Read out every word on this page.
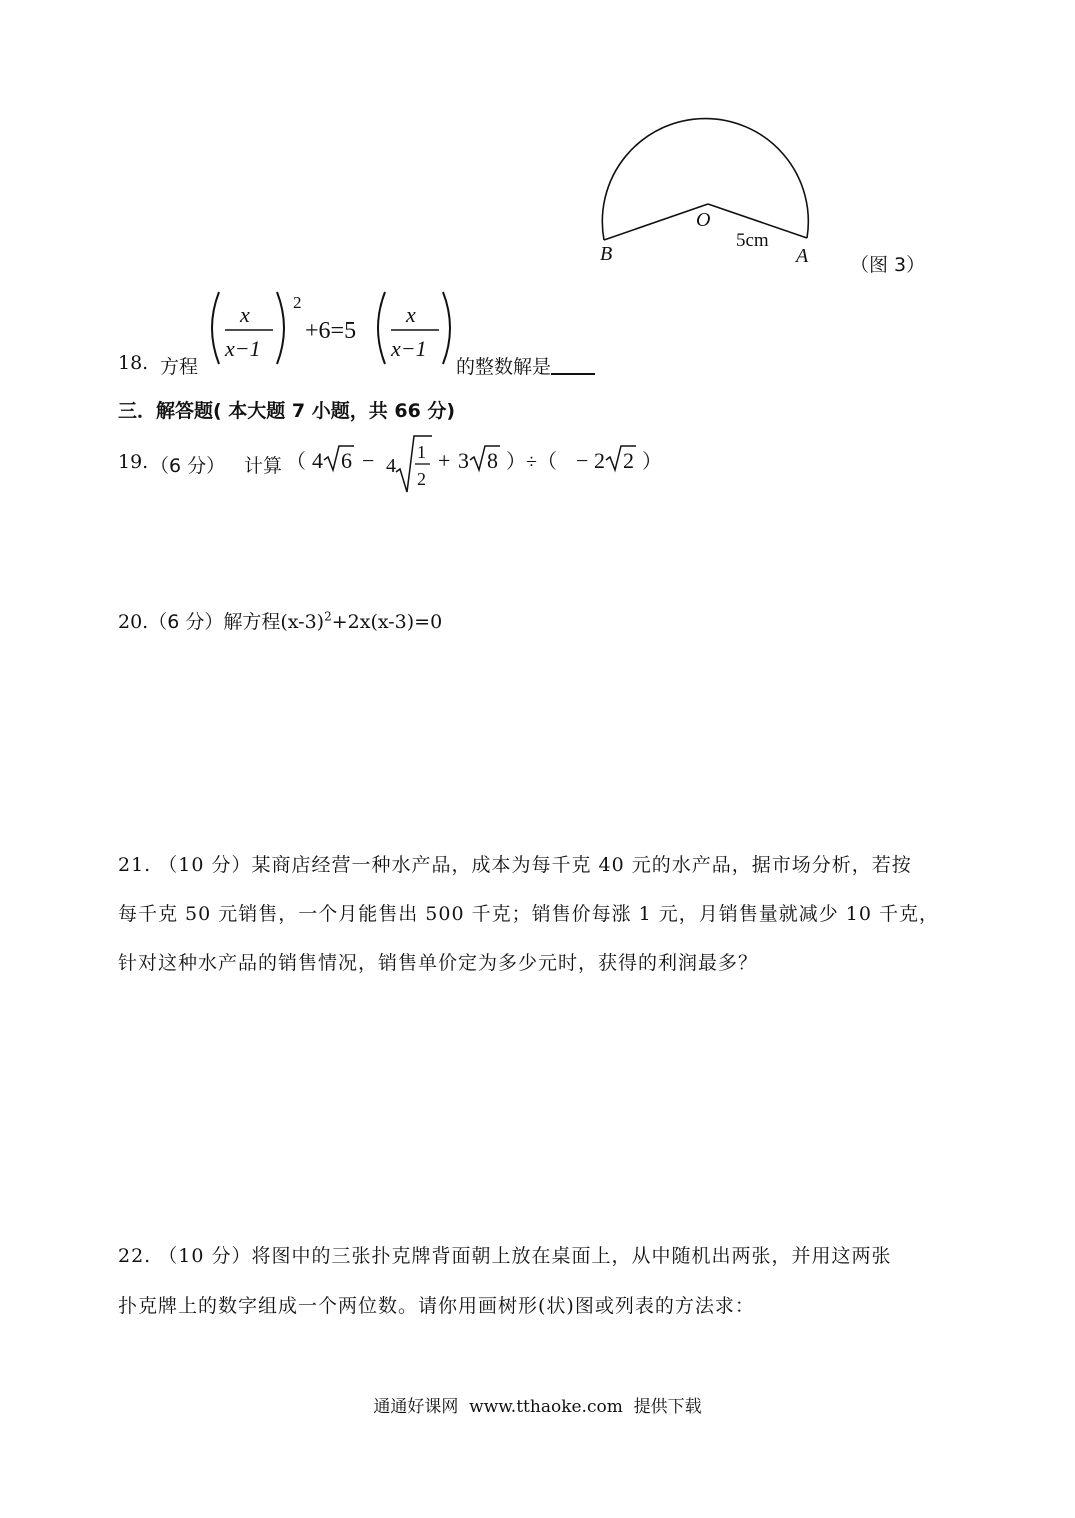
O
B	A
5cm
（图 3）
18. 方程
x
x−1
2
+6=5
x
x−1
的整数解是
三．解答题( 本大题 7 小题，共 66 分)
19. （6 分） 计算 （ 4 6 − 4
1
2
+ 3 8 ）÷（ − 2 2 ）
20.（6 分）解方程$(x-3)^2+2x(x-3)=0$
21. （10 分）某商店经营一种水产品，成本为每千克 40 元的水产品，据市场分析，若按
每千克 50 元销售，一个月能售出 500 千克；销售价每涨 1 元，月销售量就减少 10 千克，
针对这种水产品的销售情况，销售单价定为多少元时，获得的利润最多？
22. （10 分）将图中的三张扑克牌背面朝上放在桌面上，从中随机出两张，并用这两张
扑克牌上的数字组成一个两位数。请你用画树形(状)图或列表的方法求：
通通好课网  www.tthaoke.com  提供下载
